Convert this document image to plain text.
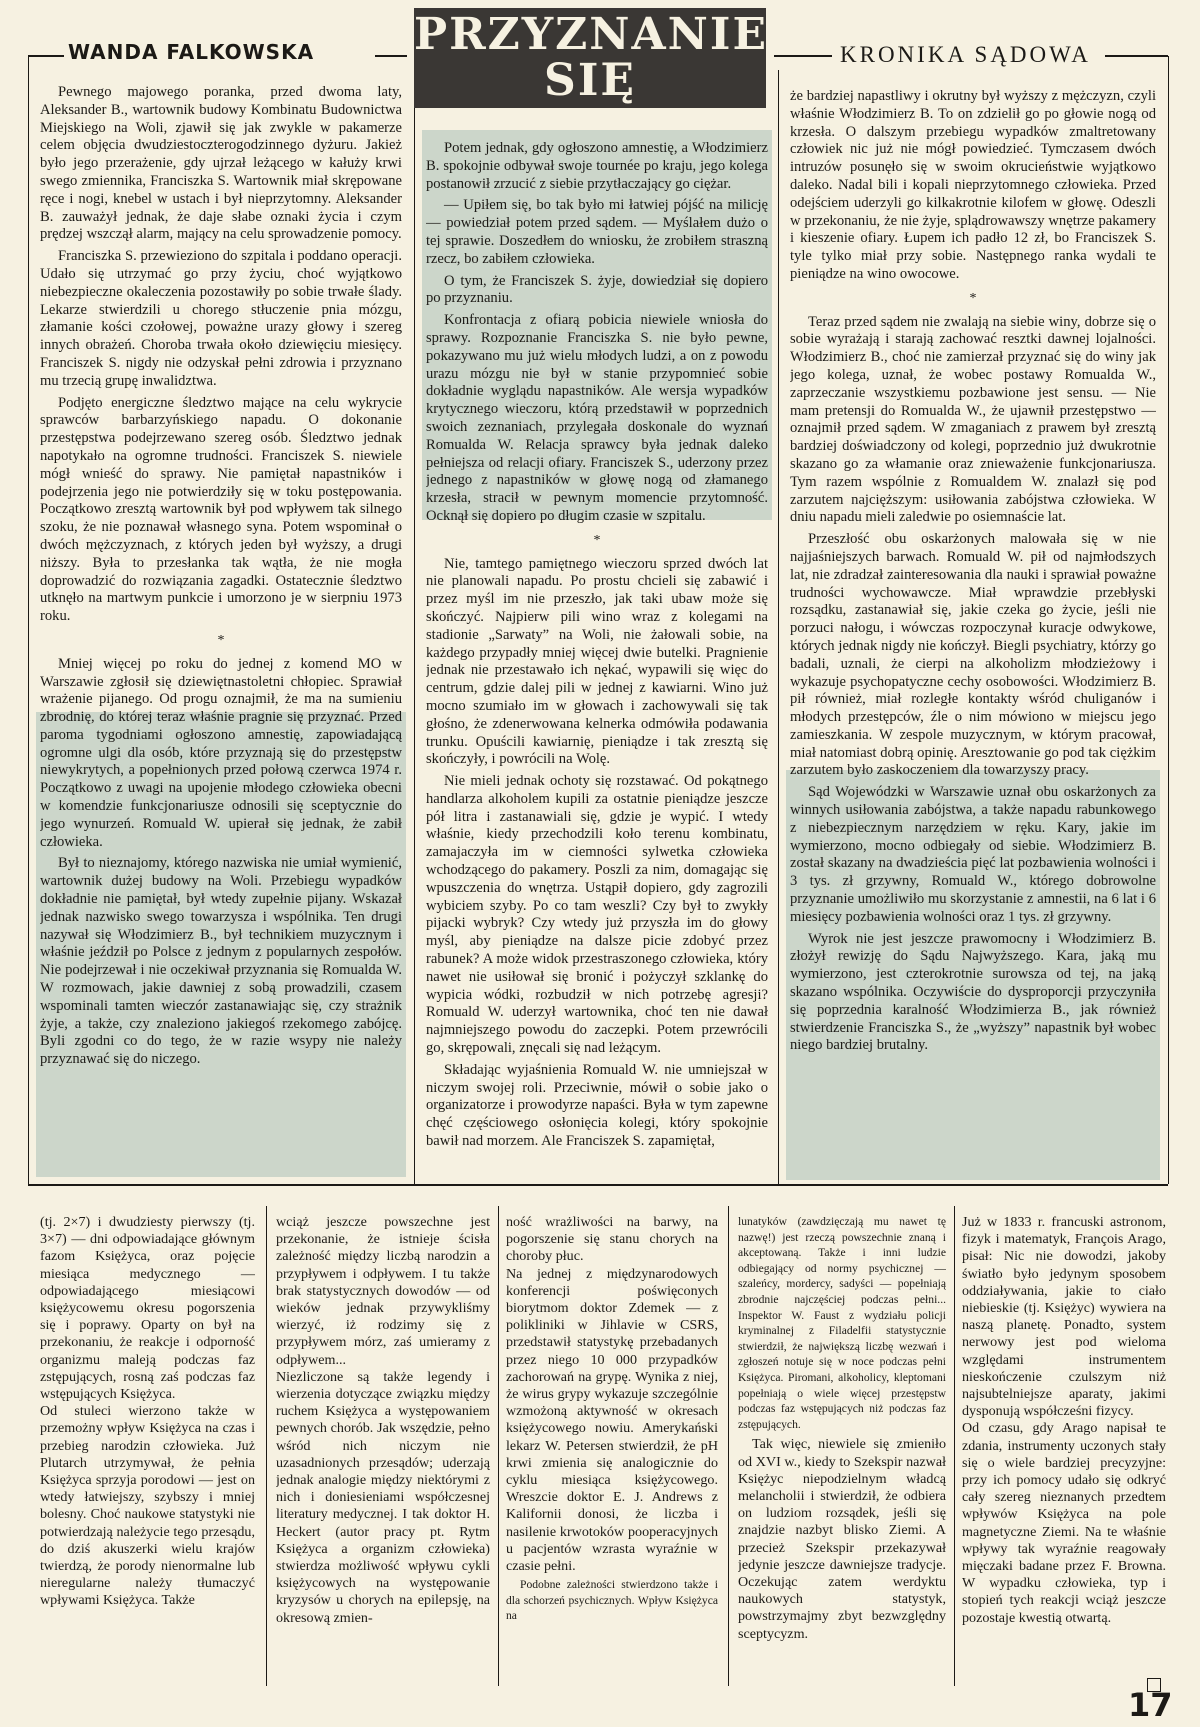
WANDA FALKOWSKA PRZYZNANIE
SIĘ
KRONIKA SĄDOWA

Pewnego majowego poranka, przed dwoma laty, Aleksander B., wartownik budowy Kombinatu Budownictwa Miejskiego na Woli, zjawił się jak zwykle w pakamerze celem objęcia dwudziestoczterogodzinnego dyżuru. Jakież było jego przerażenie, gdy ujrzał leżącego w kałuży krwi swego zmiennika, Franciszka S. Wartownik miał skrępowane ręce i nogi, knebel w ustach i był nieprzytomny. Aleksander B. zauważył jednak, że daje słabe oznaki życia i czym prędzej wszczął alarm, mający na celu sprowadzenie pomocy.

Franciszka S. przewieziono do szpitala i poddano operacji. Udało się utrzymać go przy życiu, choć wyjątkowo niebezpieczne okaleczenia pozostawiły po sobie trwałe ślady. Lekarze stwierdzili u chorego stłuczenie pnia mózgu, złamanie kości czołowej, poważne urazy głowy i szereg innych obrażeń. Choroba trwała około dziewięciu miesięcy. Franciszek S. nigdy nie odzyskał pełni zdrowia i przyznano mu trzecią grupę inwalidztwa.

Podjęto energiczne śledztwo mające na celu wykrycie sprawców barbarzyńskiego napadu. O dokonanie przestępstwa podejrzewano szereg osób. Śledztwo jednak napotykało na ogromne trudności. Franciszek S. niewiele mógł wnieść do sprawy. Nie pamiętał napastników i podejrzenia jego nie potwierdziły się w toku postępowania. Początkowo zresztą wartownik był pod wpływem tak silnego szoku, że nie poznawał własnego syna. Potem wspominał o dwóch mężczyznach, z których jeden był wyższy, a drugi niższy. Była to przesłanka tak wątła, że nie mogła doprowadzić do rozwiązania zagadki. Ostatecznie śledztwo utknęło na martwym punkcie i umorzono je w sierpniu 1973 roku.

*

Mniej więcej po roku do jednej z komend MO w Warszawie zgłosił się dziewiętnastoletni chłopiec. Sprawiał wrażenie pijanego. Od progu oznajmił, że ma na sumieniu zbrodnię, do której teraz właśnie pragnie się przyznać. Przed paroma tygodniami ogłoszono amnestię, zapowiadającą ogromne ulgi dla osób, które przyznają się do przestępstw niewykrytych, a popełnionych przed połową czerwca 1974 r. Początkowo z uwagi na upojenie młodego człowieka obecni w komendzie funkcjonariusze odnosili się sceptycznie do jego wynurzeń. Romuald W. upierał się jednak, że zabił człowieka.

Był to nieznajomy, którego nazwiska nie umiał wymienić, wartownik dużej budowy na Woli. Przebiegu wypadków dokładnie nie pamiętał, był wtedy zupełnie pijany. Wskazał jednak nazwisko swego towarzysza i wspólnika. Ten drugi nazywał się Włodzimierz B., był technikiem muzycznym i właśnie jeździł po Polsce z jednym z popularnych zespołów. Nie podejrzewał i nie oczekiwał przyznania się Romualda W. W rozmowach, jakie dawniej z sobą prowadzili, czasem wspominali tamten wieczór zastanawiając się, czy strażnik żyje, a także, czy znaleziono jakiegoś rzekomego zabójcę. Byli zgodni co do tego, że w razie wsypy nie należy przyznawać się do niczego.

Potem jednak, gdy ogłoszono amnestię, a Włodzimierz B. spokojnie odbywał swoje tournée po kraju, jego kolega postanowił zrzucić z siebie przytłaczający go ciężar.

— Upiłem się, bo tak było mi łatwiej pójść na milicję — powiedział potem przed sądem. — Myślałem dużo o tej sprawie. Doszedłem do wniosku, że zrobiłem straszną rzecz, bo zabiłem człowieka.

O tym, że Franciszek S. żyje, dowiedział się dopiero po przyznaniu.

Konfrontacja z ofiarą pobicia niewiele wniosła do sprawy. Rozpoznanie Franciszka S. nie było pewne, pokazywano mu już wielu młodych ludzi, a on z powodu urazu mózgu nie był w stanie przypomnieć sobie dokładnie wyglądu napastników. Ale wersja wypadków krytycznego wieczoru, którą przedstawił w poprzednich swoich zeznaniach, przylegała doskonale do wyznań Romualda W. Relacja sprawcy była jednak daleko pełniejsza od relacji ofiary. Franciszek S., uderzony przez jednego z napastników w głowę nogą od złamanego krzesła, stracił w pewnym momencie przytomność. Ocknął się dopiero po długim czasie w szpitalu.

*

Nie, tamtego pamiętnego wieczoru sprzed dwóch lat nie planowali napadu. Po prostu chcieli się zabawić i przez myśl im nie przeszło, jak taki ubaw może się skończyć. Najpierw pili wino wraz z kolegami na stadionie „Sarwaty” na Woli, nie żałowali sobie, na każdego przypadły mniej więcej dwie butelki. Pragnienie jednak nie przestawało ich nękać, wypawili się więc do centrum, gdzie dalej pili w jednej z kawiarni. Wino już mocno szumiało im w głowach i zachowywali się tak głośno, że zdenerwowana kelnerka odmówiła podawania trunku. Opuścili kawiarnię, pieniądze i tak zresztą się skończyły, i powrócili na Wolę.

Nie mieli jednak ochoty się rozstawać. Od pokątnego handlarza alkoholem kupili za ostatnie pieniądze jeszcze pół litra i zastanawiali się, gdzie je wypić. I wtedy właśnie, kiedy przechodzili koło terenu kombinatu, zamajaczyła im w ciemności sylwetka człowieka wchodzącego do pakamery. Poszli za nim, domagając się wpuszczenia do wnętrza. Ustąpił dopiero, gdy zagrozili wybiciem szyby. Po co tam weszli? Czy był to zwykły pijacki wybryk? Czy wtedy już przyszła im do głowy myśl, aby pieniądze na dalsze picie zdobyć przez rabunek? A może widok przestraszonego człowieka, który nawet nie usiłował się bronić i pożyczył szklankę do wypicia wódki, rozbudził w nich potrzebę agresji? Romuald W. uderzył wartownika, choć ten nie dawał najmniejszego powodu do zaczepki. Potem przewrócili go, skrępowali, znęcali się nad leżącym.

Składając wyjaśnienia Romuald W. nie umniejszał w niczym swojej roli. Przeciwnie, mówił o sobie jako o organizatorze i prowodyrze napaści. Była w tym zapewne chęć częściowego osłonięcia kolegi, który spokojnie bawił nad morzem. Ale Franciszek S. zapamiętał,

że bardziej napastliwy i okrutny był wyższy z mężczyzn, czyli właśnie Włodzimierz B. To on zdzielił go po głowie nogą od krzesła. O dalszym przebiegu wypadków zmaltretowany człowiek nic już nie mógł powiedzieć. Tymczasem dwóch intruzów posunęło się w swoim okrucieństwie wyjątkowo daleko. Nadal bili i kopali nieprzytomnego człowieka. Przed odejściem uderzyli go kilkakrotnie kilofem w głowę. Odeszli w przekonaniu, że nie żyje, splądrowawszy wnętrze pakamery i kieszenie ofiary. Łupem ich padło 12 zł, bo Franciszek S. tyle tylko miał przy sobie. Następnego ranka wydali te pieniądze na wino owocowe.

*

Teraz przed sądem nie zwalają na siebie winy, dobrze się o sobie wyrażają i starają zachować resztki dawnej lojalności. Włodzimierz B., choć nie zamierzał przyznać się do winy jak jego kolega, uznał, że wobec postawy Romualda W., zaprzeczanie wszystkiemu pozbawione jest sensu. — Nie mam pretensji do Romualda W., że ujawnił przestępstwo — oznajmił przed sądem. W zmaganiach z prawem był zresztą bardziej doświadczony od kolegi, poprzednio już dwukrotnie skazano go za włamanie oraz znieważenie funkcjonariusza. Tym razem wspólnie z Romualdem W. znalazł się pod zarzutem najcięższym: usiłowania zabójstwa człowieka. W dniu napadu mieli zaledwie po osiemnaście lat.

Przeszłość obu oskarżonych malowała się w nie najjaśniejszych barwach. Romuald W. pił od najmłodszych lat, nie zdradzał zainteresowania dla nauki i sprawiał poważne trudności wychowawcze. Miał wprawdzie przebłyski rozsądku, zastanawiał się, jakie czeka go życie, jeśli nie porzuci nałogu, i wówczas rozpoczynał kuracje odwykowe, których jednak nigdy nie kończył. Biegli psychiatry, którzy go badali, uznali, że cierpi na alkoholizm młodzieżowy i wykazuje psychopatyczne cechy osobowości. Włodzimierz B. pił również, miał rozległe kontakty wśród chuliganów i młodych przestępców, źle o nim mówiono w miejscu jego zamieszkania. W zespole muzycznym, w którym pracował, miał natomiast dobrą opinię. Aresztowanie go pod tak ciężkim zarzutem było zaskoczeniem dla towarzyszy pracy.

Sąd Wojewódzki w Warszawie uznał obu oskarżonych za winnych usiłowania zabójstwa, a także napadu rabunkowego z niebezpiecznym narzędziem w ręku. Kary, jakie im wymierzono, mocno odbiegały od siebie. Włodzimierz B. został skazany na dwadzieścia pięć lat pozbawienia wolności i 3 tys. zł grzywny, Romuald W., którego dobrowolne przyznanie umożliwiło mu skorzystanie z amnestii, na 6 lat i 6 miesięcy pozbawienia wolności oraz 1 tys. zł grzywny.

Wyrok nie jest jeszcze prawomocny i Włodzimierz B. złożył rewizję do Sądu Najwyższego. Kara, jaką mu wymierzono, jest czterokrotnie surowsza od tej, na jaką skazano wspólnika. Oczywiście do dysproporcji przyczyniła się poprzednia karalność Włodzimierza B., jak również stwierdzenie Franciszka S., że „wyższy” napastnik był wobec niego bardziej brutalny.

(tj. 2×7) i dwudziesty pierwszy (tj. 3×7) — dni odpowiadające głównym fazom Księżyca, oraz pojęcie miesiąca medycznego — odpowiadającego miesiącowi księżycowemu okresu pogorszenia się i poprawy. Oparty on był na przekonaniu, że reakcje i odporność organizmu maleją podczas faz zstępujących, rosną zaś podczas faz wstępujących Księżyca.
Od stuleci wierzono także w przemożny wpływ Księżyca na czas i przebieg narodzin człowieka. Już Plutarch utrzymywał, że pełnia Księżyca sprzyja porodowi — jest on wtedy łatwiejszy, szybszy i mniej bolesny. Choć naukowe statystyki nie potwierdzają należycie tego przesądu, do dziś akuszerki wielu krajów twierdzą, że porody nienormalne lub nieregularne należy tłumaczyć wpływami Księżyca. Także

wciąż jeszcze powszechne jest przekonanie, że istnieje ścisła zależność między liczbą narodzin a przypływem i odpływem. I tu także brak statystycznych dowodów — od wieków jednak przywykliśmy wierzyć, iż rodzimy się z przypływem mórz, zaś umieramy z odpływem...
Niezliczone są także legendy i wierzenia dotyczące związku między ruchem Księżyca a występowaniem pewnych chorób. Jak wszędzie, pełno wśród nich niczym nie uzasadnionych przesądów; uderzają jednak analogie między niektórymi z nich i doniesieniami współczesnej literatury medycznej. I tak doktor H. Heckert (autor pracy pt. Rytm Księżyca a organizm człowieka) stwierdza możliwość wpływu cykli księżycowych na występowanie kryzysów u chorych na epilepsję, na okresową zmien-

ność wrażliwości na barwy, na pogorszenie się stanu chorych na choroby płuc.
Na jednej z międzynarodowych konferencji poświęconych biorytmom doktor Zdemek — z polikliniki w Jihlavie w CSRS, przedstawił statystykę przebadanych przez niego 10 000 przypadków zachorowań na grypę. Wynika z niej, że wirus grypy wykazuje szczególnie wzmożoną aktywność w okresach księżycowego nowiu. Amerykański lekarz W. Petersen stwierdził, że pH krwi zmienia się analogicznie do cyklu miesiąca księżycowego. Wreszcie doktor E. J. Andrews z Kalifornii donosi, że liczba i nasilenie krwotoków pooperacyjnych u pacjentów wzrasta wyraźnie w czasie pełni.

Podobne zależności stwierdzono także i dla schorzeń psychicznych. Wpływ Księżyca na
lunatyków (zawdzięczają mu nawet tę nazwę!) jest rzeczą powszechnie znaną i akceptowaną. Także i inni ludzie odbiegający od normy psychicznej — szaleńcy, mordercy, sadyści — popełniają zbrodnie najczęściej podczas pełni... Inspektor W. Faust z wydziału policji kryminalnej z Filadelfii statystycznie stwierdził, że największą liczbę wezwań i zgłoszeń notuje się w noce podczas pełni Księżyca. Piromani, alkoholicy, kleptomani popełniają o wiele więcej przestępstw podczas faz wstępujących niż podczas faz zstępujących.

Tak więc, niewiele się zmieniło od XVI w., kiedy to Szekspir nazwał Księżyc niepodzielnym władcą melancholii i stwierdził, że odbiera on ludziom rozsądek, jeśli się znajdzie nazbyt blisko Ziemi. A przecież Szekspir przekazywał jedynie jeszcze dawniejsze tradycje. Oczekując zatem werdyktu naukowych statystyk, powstrzymajmy zbyt bezwzględny sceptycyzm.

Już w 1833 r. francuski astronom, fizyk i matematyk, François Arago, pisał: Nic nie dowodzi, jakoby światło było jedynym sposobem oddziaływania, jakie to ciało niebieskie (tj. Księżyc) wywiera na naszą planetę. Ponadto, system nerwowy jest pod wieloma względami instrumentem nieskończenie czulszym niż najsubtelniejsze aparaty, jakimi dysponują współcześni fizycy.
Od czasu, gdy Arago napisał te zdania, instrumenty uczonych stały się o wiele bardziej precyzyjne: przy ich pomocy udało się odkryć cały szereg nieznanych przedtem wpływów Księżyca na pole magnetyczne Ziemi. Na te właśnie wpływy tak wyraźnie reagowały mięczaki badane przez F. Browna. W wypadku człowieka, typ i stopień tych reakcji wciąż jeszcze pozostaje kwestią otwartą.

17
